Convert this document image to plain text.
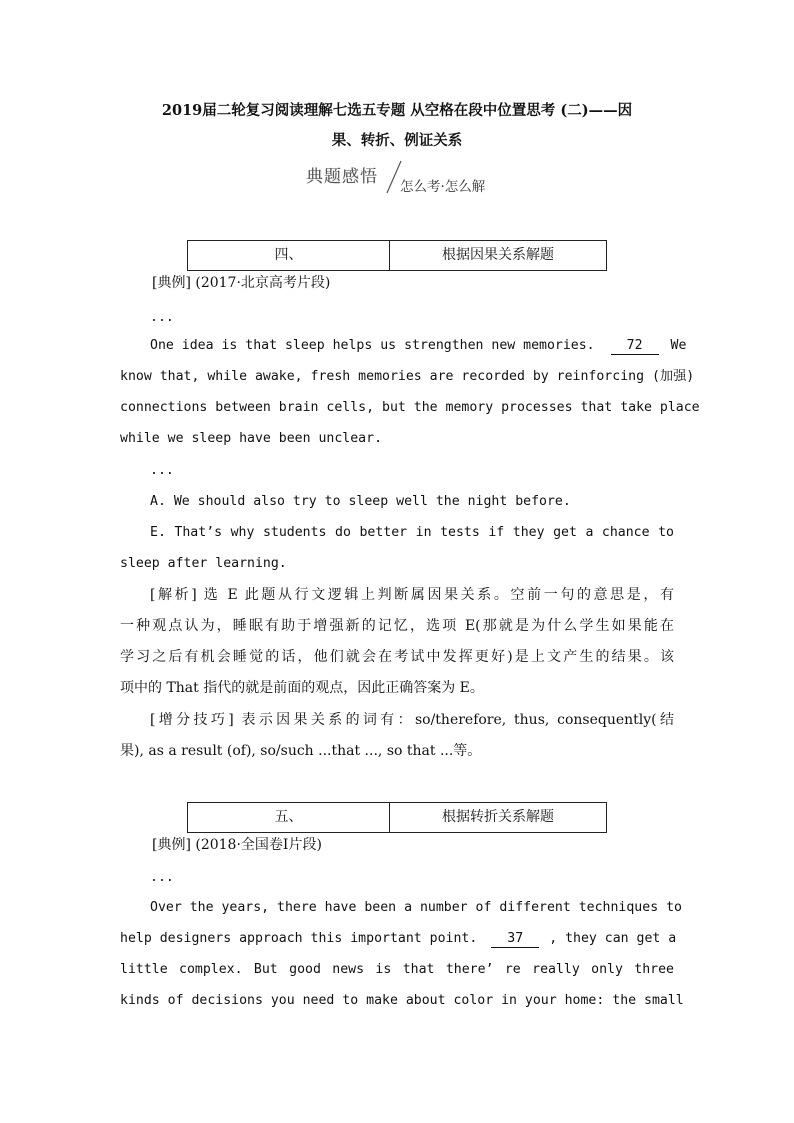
2019届二轮复习阅读理解七选五专题 从空格在段中位置思考 (二)——因
果、转折、例证关系
典题感悟 怎么考·怎么解
四、	根据因果关系解题
[典例] (2017·北京高考片段)
...
One idea is that sleep helps us strengthen new memories. 72 We
know that, while awake, fresh memories are recorded by reinforcing (加强)
connections between brain cells, but the memory processes that take place
while we sleep have been unclear.
...
A. We should also try to sleep well the night before.
E. That’s why students do better in tests if they get a chance to
sleep after learning.
[解析] 选 E 此题从行文逻辑上判断属因果关系。空前一句的意思是，有
一种观点认为，睡眠有助于增强新的记忆，选项 E(那就是为什么学生如果能在
学习之后有机会睡觉的话，他们就会在考试中发挥更好)是上文产生的结果。该
项中的 That 指代的就是前面的观点，因此正确答案为 E。
[增分技巧] 表示因果关系的词有：so/therefore, thus, consequently(结
果), as a result (of), so/such ...that ..., so that ...等。
五、	根据转折关系解题
[典例] (2018·全国卷Ⅰ片段)
...
Over the years, there have been a number of different techniques to
help designers approach this important point. 37 , they can get a
little complex. But good news is that there’ re really only three
kinds of decisions you need to make about color in your home: the small
